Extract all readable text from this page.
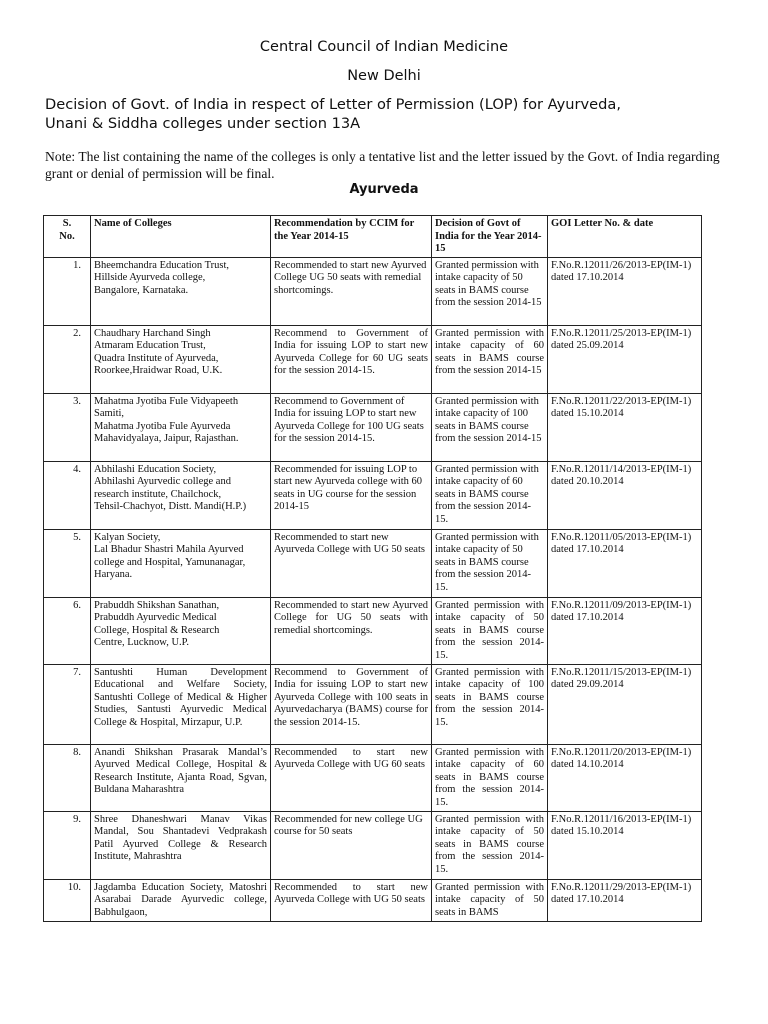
Central Council of Indian Medicine
New Delhi
Decision of Govt. of India in respect of Letter of Permission (LOP) for Ayurveda,
Unani & Siddha colleges under section 13A
Note: The list containing the name of the colleges is only a tentative list and the letter issued by the Govt. of India regarding grant or denial of permission will be final.
Ayurveda
S.
No.	Name of Colleges	Recommendation by CCIM for the Year 2014-15	Decision of Govt of India for the Year 2014-15	GOI Letter No. & date
1.	Bheemchandra Education Trust,
Hillside Ayurveda college,
Bangalore, Karnataka.	Recommended to start new Ayurved College UG 50 seats with remedial shortcomings.	Granted permission with intake capacity of 50 seats in BAMS course from the session 2014-15	F.No.R.12011/26/2013-EP(IM-1) dated 17.10.2014
2.	Chaudhary Harchand Singh
Atmaram Education Trust,
Quadra Institute of Ayurveda,
Roorkee,Hraidwar Road, U.K.	Recommend to Government of India for issuing LOP to start new Ayurveda College for 60 UG seats for the session 2014-15.	Granted permission with intake capacity of 60 seats in BAMS course from the session 2014-15	F.No.R.12011/25/2013-EP(IM-1) dated 25.09.2014
3.	Mahatma Jyotiba Fule Vidyapeeth
Samiti,
Mahatma Jyotiba Fule Ayurveda
Mahavidyalaya, Jaipur, Rajasthan.	Recommend to Government of India for issuing LOP to start new Ayurveda College for 100 UG seats for the session 2014-15.	Granted permission with intake capacity of 100 seats in BAMS course from the session 2014-15	F.No.R.12011/22/2013-EP(IM-1) dated 15.10.2014
4.	Abhilashi Education Society,
Abhilashi Ayurvedic college and
research institute, Chailchock,
Tehsil-Chachyot, Distt. Mandi(H.P.)	Recommended for issuing LOP to start new Ayurveda college with 60 seats in UG course for the session 2014-15	Granted permission with intake capacity of 60 seats in BAMS course from the session 2014-15.	F.No.R.12011/14/2013-EP(IM-1) dated 20.10.2014
5.	Kalyan Society,
Lal Bhadur Shastri Mahila Ayurved
college and Hospital, Yamunanagar,
Haryana.	Recommended to start new Ayurveda College with UG 50 seats	Granted permission with intake capacity of 50 seats in BAMS course from the session 2014-15.	F.No.R.12011/05/2013-EP(IM-1) dated 17.10.2014
6.	Prabuddh Shikshan Sanathan,
Prabuddh Ayurvedic Medical
College, Hospital & Research
Centre, Lucknow, U.P.	Recommended to start new Ayurved College for UG 50 seats with remedial shortcomings.	Granted permission with intake capacity of 50 seats in BAMS course from the session 2014-15.	F.No.R.12011/09/2013-EP(IM-1) dated 17.10.2014
7.	Santushti Human Development Educational and Welfare Society, Santushti College of Medical & Higher Studies, Santusti Ayurvedic Medical College & Hospital, Mirzapur, U.P.	Recommend to Government of India for issuing LOP to start new Ayurveda College with 100 seats in Ayurvedacharya (BAMS) course for the session 2014-15.	Granted permission with intake capacity of 100 seats in BAMS course from the session 2014-15.	F.No.R.12011/15/2013-EP(IM-1) dated 29.09.2014
8.	Anandi Shikshan Prasarak Mandal’s Ayurved Medical College, Hospital & Research Institute, Ajanta Road, Sgvan, Buldana Maharashtra	Recommended to start new Ayurveda College with UG 60 seats	Granted permission with intake capacity of 60 seats in BAMS course from the session 2014-15.	F.No.R.12011/20/2013-EP(IM-1) dated 14.10.2014
9.	Shree Dhaneshwari Manav Vikas Mandal, Sou Shantadevi Vedprakash Patil Ayurved College & Research Institute, Mahrashtra	Recommended for new college UG course for 50 seats	Granted permission with intake capacity of 50 seats in BAMS course from the session 2014-15.	F.No.R.12011/16/2013-EP(IM-1) dated 15.10.2014
10.	Jagdamba Education Society, Matoshri Asarabai Darade Ayurvedic college, Babhulgaon,	Recommended to start new Ayurveda College with UG 50 seats	Granted permission with intake capacity of 50 seats in BAMS	F.No.R.12011/29/2013-EP(IM-1) dated 17.10.2014
